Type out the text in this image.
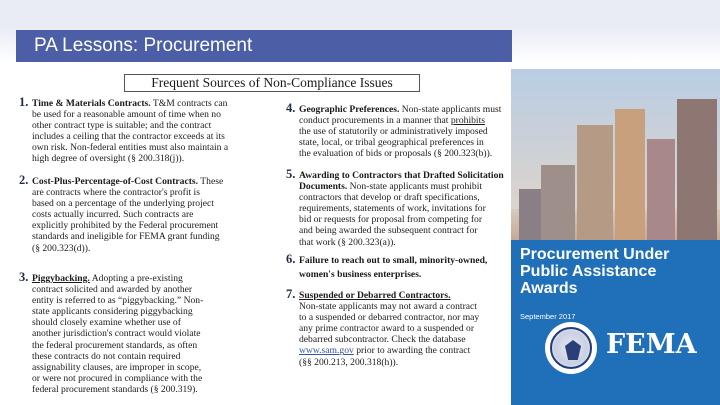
PA Lessons: Procurement
Frequent Sources of Non-Compliance Issues
1. Time & Materials Contracts. T&M contracts can

be used for a reasonable amount of time when no

other contract type is suitable; and the contract

includes a ceiling that the contractor exceeds at its

own risk. Non-federal entities must also maintain a

high degree of oversight (§ 200.318(j)).

2. Cost-Plus-Percentage-of-Cost Contracts. These

are contracts where the contractor's profit is

based on a percentage of the underlying project

costs actually incurred. Such contracts are

explicitly prohibited by the Federal procurement

standards and ineligible for FEMA grant funding

(§ 200.323(d)).

3. Piggybacking. Adopting a pre-existing

contract solicited and awarded by another

entity is referred to as “piggybacking.” Non-

state applicants considering piggybacking

should closely examine whether use of

another jurisdiction's contract would violate

the federal procurement standards, as often

these contracts do not contain required

assignability clauses, are improper in scope,

or were not procured in compliance with the

federal procurement standards (§ 200.319).

4. Geographic Preferences. Non-state applicants must

conduct procurements in a manner that prohibits

the use of statutorily or administratively imposed

state, local, or tribal geographical preferences in

the evaluation of bids or proposals (§ 200.323(b)).

5. Awarding to Contractors that Drafted Solicitation

Documents. Non-state applicants must prohibit

contractors that develop or draft specifications,

requirements, statements of work, invitations for

bid or requests for proposal from competing for

and being awarded the subsequent contract for

that work (§ 200.323(a)).

6. Failure to reach out to small, minority-owned,

women's business enterprises.

7. Suspended or Debarred Contractors.

Non-state applicants may not award a contract

to a suspended or debarred contractor, nor may

any prime contractor award to a suspended or

debarred subcontractor. Check the database

www.sam.gov prior to awarding the contract

(§§ 200.213, 200.318(h)).

Procurement Under Public Assistance Awards
September 2017
FEMA
